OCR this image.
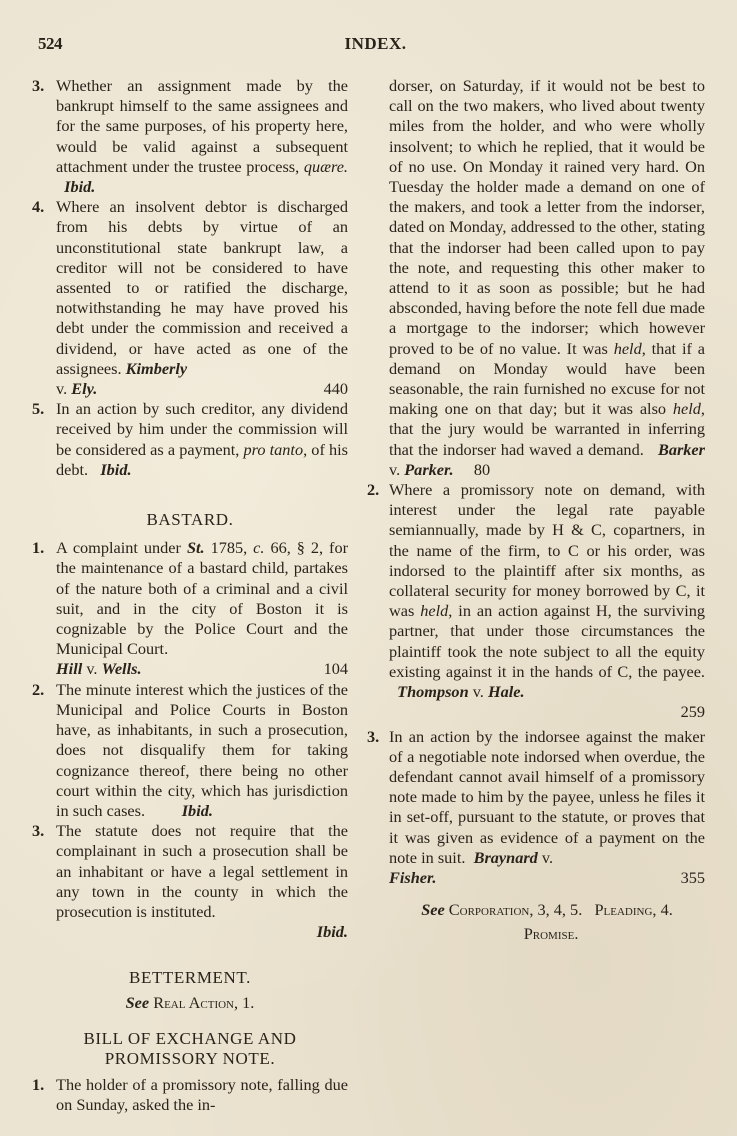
524	INDEX.
3. Whether an assignment made by the bankrupt himself to the same assignees and for the same purposes, of his property here, would be valid against a subsequent attachment under the trustee process, quære.   Ibid.
4. Where an insolvent debtor is discharged from his debts by virtue of an unconstitutional state bankrupt law, a creditor will not be considered to have assented to or ratified the discharge, notwithstanding he may have proved his debt under the commission and received a dividend, or have acted as one of the assignees. Kimberly
v. Ely.	440
5. In an action by such creditor, any dividend received by him under the commission will be considered as a payment, pro tanto, of his debt. Ibid.
BASTARD.
1. A complaint under St. 1785, c. 66, § 2, for the maintenance of a bastard child, partakes of the nature both of a criminal and a civil suit, and in the city of Boston it is cognizable by the Police Court and the Municipal Court.
Hill v. Wells.	104
2. The minute interest which the justices of the Municipal and Police Courts in Boston have, as inhabitants, in such a prosecution, does not disqualify them for taking cognizance thereof, there being no other court within the city, which has jurisdiction in such cases. Ibid.
3. The statute does not require that the complainant in such a prosecution shall be an inhabitant or have a legal settlement in any town in the county in which the prosecution is instituted.
Ibid.
BETTERMENT.
See Real Action, 1.
BILL OF EXCHANGE AND
PROMISSORY NOTE.
1. The holder of a promissory note, falling due on Sunday, asked the in-
dorser, on Saturday, if it would not be best to call on the two makers, who lived about twenty miles from the holder, and who were wholly insolvent; to which he replied, that it would be of no use. On Monday it rained very hard. On Tuesday the holder made a demand on one of the makers, and took a letter from the indorser, dated on Monday, addressed to the other, stating that the indorser had been called upon to pay the note, and requesting this other maker to attend to it as soon as possible; but he had absconded, having before the note fell due made a mortgage to the indorser; which however proved to be of no value. It was held, that if a demand on Monday would have been seasonable, the rain furnished no excuse for not making one on that day; but it was also held, that the jury would be warranted in inferring that the indorser had waved a demand. Barker v. Parker. 80
2. Where a promissory note on demand, with interest under the legal rate payable semiannually, made by H & C, copartners, in the name of the firm, to C or his order, was indorsed to the plaintiff after six months, as collateral security for money borrowed by C, it was held, in an action against H, the surviving partner, that under those circumstances the plaintiff took the note subject to all the equity existing against it in the hands of C, the payee.   Thompson v. Hale.
259
3. In an action by the indorsee against the maker of a negotiable note indorsed when overdue, the defendant cannot avail himself of a promissory note made to him by the payee, unless he files it in set-off, pursuant to the statute, or proves that it was given as evidence of a payment on the note in suit. Braynard v.
Fisher.	355
See Corporation, 3, 4, 5. Pleading, 4.   Promise.
